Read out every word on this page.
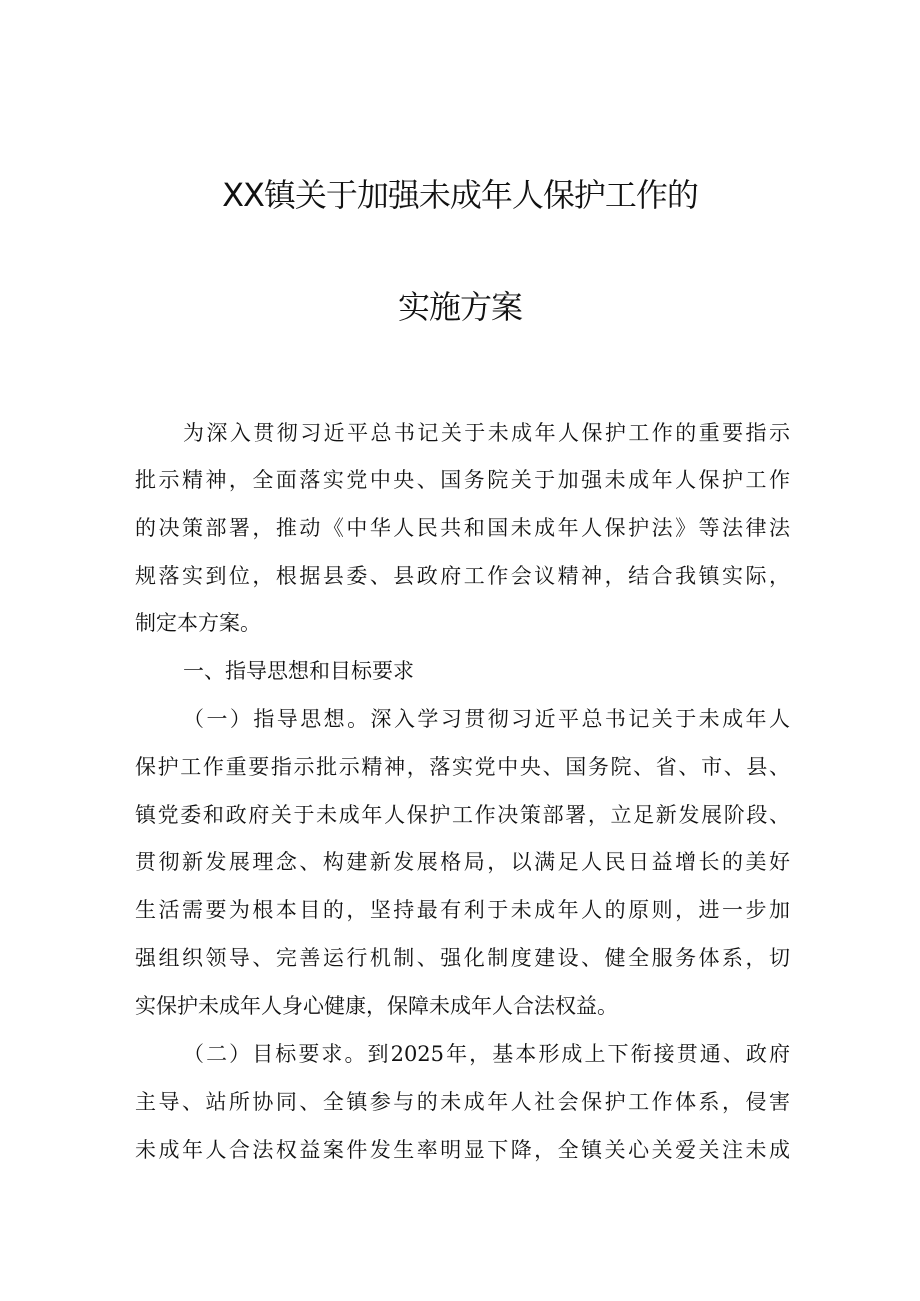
XX镇关于加强未成年人保护工作的
实施方案
为深入贯彻习近平总书记关于未成年人保护工作的重要指示
批示精神，全面落实党中央、国务院关于加强未成年人保护工作
的决策部署，推动《中华人民共和国未成年人保护法》等法律法
规落实到位，根据县委、县政府工作会议精神，结合我镇实际，
制定本方案。
一、指导思想和目标要求
（一）指导思想。深入学习贯彻习近平总书记关于未成年人
保护工作重要指示批示精神，落实党中央、国务院、省、市、县、
镇党委和政府关于未成年人保护工作决策部署，立足新发展阶段、
贯彻新发展理念、构建新发展格局，以满足人民日益增长的美好
生活需要为根本目的，坚持最有利于未成年人的原则，进一步加
强组织领导、完善运行机制、强化制度建设、健全服务体系，切
实保护未成年人身心健康，保障未成年人合法权益。
（二）目标要求。到2025年，基本形成上下衔接贯通、政府
主导、站所协同、全镇参与的未成年人社会保护工作体系，侵害
未成年人合法权益案件发生率明显下降，全镇关心关爱关注未成
